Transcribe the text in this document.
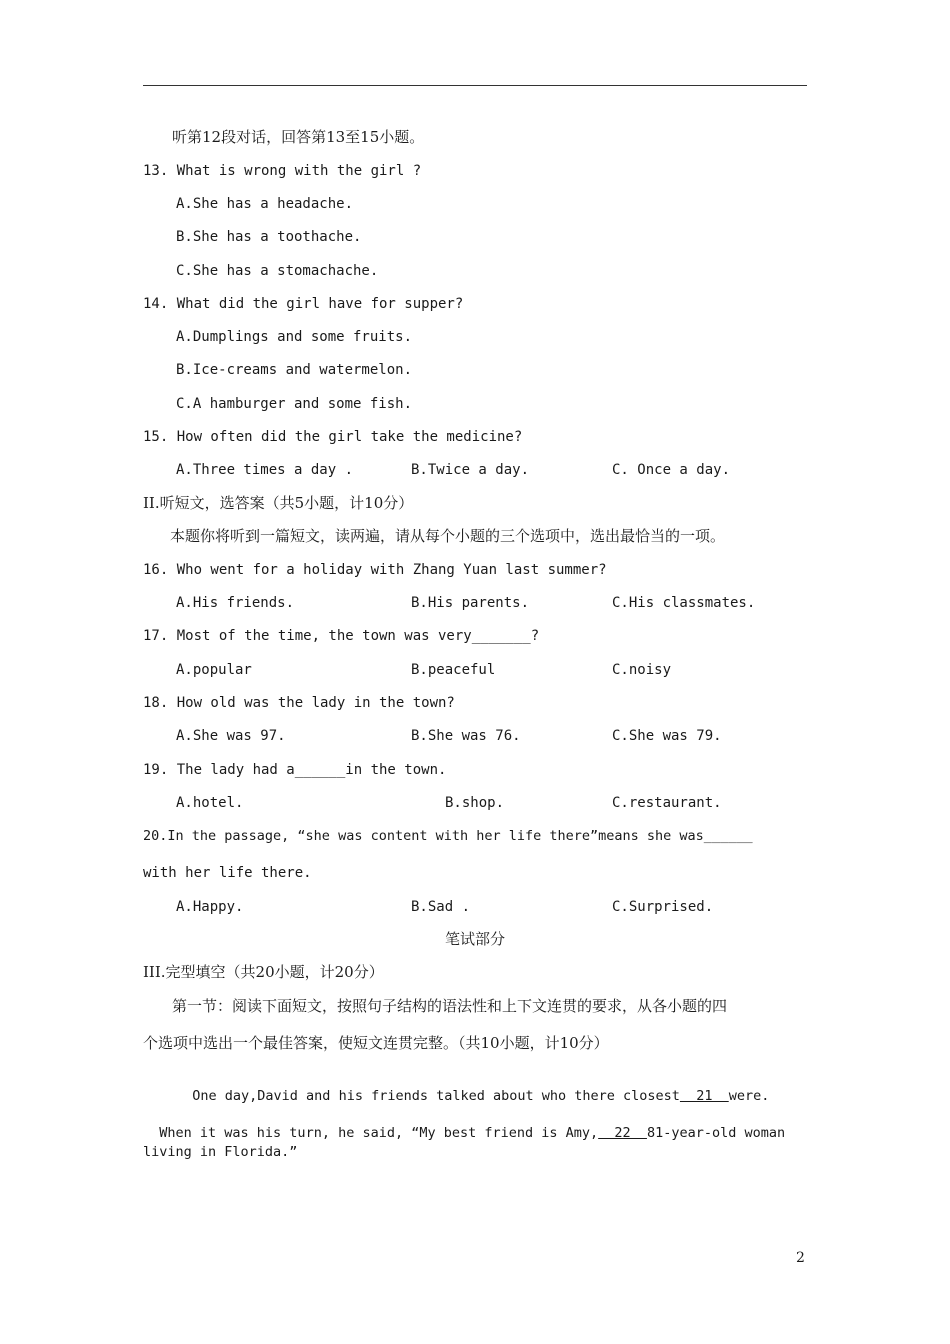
听第12段对话，回答第13至15小题。
13. What is wrong with the girl ?
A.She has a headache.
B.She has a toothache.
C.She has a stomachache.
14. What did the girl have for supper?
A.Dumplings and some fruits.
B.Ice-creams and watermelon.
C.A hamburger and some fish.
15. How often did the girl take the medicine?
A.Three times a day .	B.Twice a day.	C. Once a day.
II.听短文，选答案（共5小题，计10分）
本题你将听到一篇短文，读两遍，请从每个小题的三个选项中，选出最恰当的一项。
16. Who went for a holiday with Zhang Yuan last summer?
A.His friends.	B.His parents.	C.His classmates.
17. Most of the time, the town was very_______?
A.popular	B.peaceful	C.noisy
18. How old was the lady in the town?
A.She was 97.	B.She was 76.	C.She was 79.
19. The lady had a______in the town.
A.hotel.	B.shop.	C.restaurant.
20.In the passage, “she was content with her life there”means she was______
with her life there.
A.Happy.	B.Sad .	C.Surprised.
笔试部分
III.完型填空（共20小题，计20分）
第一节：阅读下面短文，按照句子结构的语法性和上下文连贯的要求，从各小题的四
个选项中选出一个最佳答案，使短文连贯完整。（共10小题，计10分）

One day,David and his friends talked about who there closest  21  were.

When it was his turn, he said, “My best friend is Amy,  22  81-year-old woman

living in Florida.”
2
